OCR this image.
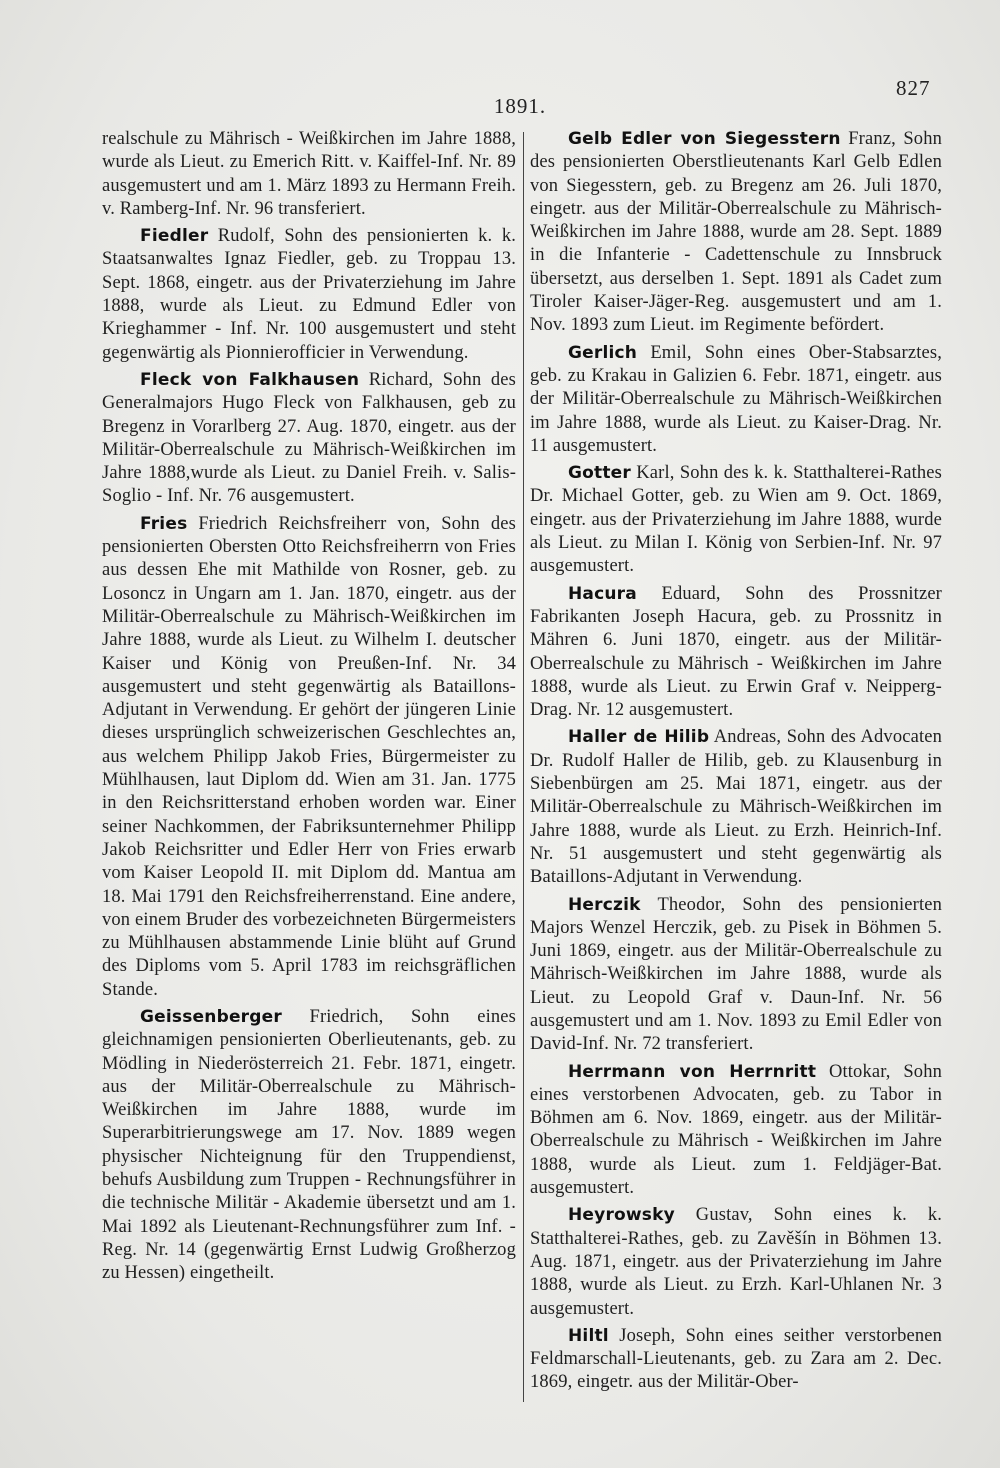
1891.
827

realschule zu Mährisch - Weißkirchen im Jahre 1888, wurde als Lieut. zu Emerich Ritt. v. Kaiffel-Inf. Nr. 89 ausgemustert und am 1. März 1893 zu Hermann Freih. v. Ramberg-Inf. Nr. 96 transferiert.

Fiedler Rudolf, Sohn des pensionierten k. k. Staatsanwaltes Ignaz Fiedler, geb. zu Troppau 13. Sept. 1868, eingetr. aus der Privaterziehung im Jahre 1888, wurde als Lieut. zu Edmund Edler von Krieghammer - Inf. Nr. 100 ausgemustert und steht gegenwärtig als Pionnierofficier in Verwendung.

Fleck von Falkhausen Richard, Sohn des Generalmajors Hugo Fleck von Falkhausen, geb zu Bregenz in Vorarlberg 27. Aug. 1870, eingetr. aus der Militär-Oberrealschule zu Mährisch-Weißkirchen im Jahre 1888,wurde als Lieut. zu Daniel Freih. v. Salis-Soglio - Inf. Nr. 76 ausgemustert.

Fries Friedrich Reichsfreiherr von, Sohn des pensionierten Obersten Otto Reichsfreiherrn von Fries aus dessen Ehe mit Mathilde von Rosner, geb. zu Losoncz in Ungarn am 1. Jan. 1870, eingetr. aus der Militär-Oberrealschule zu Mährisch-Weißkirchen im Jahre 1888, wurde als Lieut. zu Wilhelm I. deutscher Kaiser und König von Preußen-Inf. Nr. 34 ausgemustert und steht gegenwärtig als Bataillons-Adjutant in Verwendung. Er gehört der jüngeren Linie dieses ursprünglich schweizerischen Geschlechtes an, aus welchem Philipp Jakob Fries, Bürgermeister zu Mühlhausen, laut Diplom dd. Wien am 31. Jan. 1775 in den Reichsritterstand erhoben worden war. Einer seiner Nachkommen, der Fabriksunternehmer Philipp Jakob Reichsritter und Edler Herr von Fries erwarb vom Kaiser Leopold II. mit Diplom dd. Mantua am 18. Mai 1791 den Reichsfreiherrenstand. Eine andere, von einem Bruder des vorbezeichneten Bürgermeisters zu Mühlhausen abstammende Linie blüht auf Grund des Diploms vom 5. April 1783 im reichsgräflichen Stande.

Geissenberger Friedrich, Sohn eines gleichnamigen pensionierten Oberlieutenants, geb. zu Mödling in Niederösterreich 21. Febr. 1871, eingetr. aus der Militär-Oberrealschule zu Mährisch-Weißkirchen im Jahre 1888, wurde im Superarbitrierungswege am 17. Nov. 1889 wegen physischer Nichteignung für den Truppendienst, behufs Ausbildung zum Truppen - Rechnungsführer in die technische Militär - Akademie übersetzt und am 1. Mai 1892 als Lieutenant-Rechnungsführer zum Inf. - Reg. Nr. 14 (gegenwärtig Ernst Ludwig Großherzog zu Hessen) eingetheilt.

Gelb Edler von Siegesstern Franz, Sohn des pensionierten Oberstlieutenants Karl Gelb Edlen von Siegesstern, geb. zu Bregenz am 26. Juli 1870, eingetr. aus der Militär-Oberrealschule zu Mährisch-Weißkirchen im Jahre 1888, wurde am 28. Sept. 1889 in die Infanterie - Cadettenschule zu Innsbruck übersetzt, aus derselben 1. Sept. 1891 als Cadet zum Tiroler Kaiser-Jäger-Reg. ausgemustert und am 1. Nov. 1893 zum Lieut. im Regimente befördert.

Gerlich Emil, Sohn eines Ober-Stabsarztes, geb. zu Krakau in Galizien 6. Febr. 1871, eingetr. aus der Militär-Oberrealschule zu Mährisch-Weißkirchen im Jahre 1888, wurde als Lieut. zu Kaiser-Drag. Nr. 11 ausgemustert.

Gotter Karl, Sohn des k. k. Statthalterei-Rathes Dr. Michael Gotter, geb. zu Wien am 9. Oct. 1869, eingetr. aus der Privaterziehung im Jahre 1888, wurde als Lieut. zu Milan I. König von Serbien-Inf. Nr. 97 ausgemustert.

Hacura Eduard, Sohn des Prossnitzer Fabrikanten Joseph Hacura, geb. zu Prossnitz in Mähren 6. Juni 1870, eingetr. aus der Militär-Oberrealschule zu Mährisch - Weißkirchen im Jahre 1888, wurde als Lieut. zu Erwin Graf v. Neipperg-Drag. Nr. 12 ausgemustert.

Haller de Hilib Andreas, Sohn des Advocaten Dr. Rudolf Haller de Hilib, geb. zu Klausenburg in Siebenbürgen am 25. Mai 1871, eingetr. aus der Militär-Oberrealschule zu Mährisch-Weißkirchen im Jahre 1888, wurde als Lieut. zu Erzh. Heinrich-Inf. Nr. 51 ausgemustert und steht gegenwärtig als Bataillons-Adjutant in Verwendung.

Herczik Theodor, Sohn des pensionierten Majors Wenzel Herczik, geb. zu Pisek in Böhmen 5. Juni 1869, eingetr. aus der Militär-Oberrealschule zu Mährisch-Weißkirchen im Jahre 1888, wurde als Lieut. zu Leopold Graf v. Daun-Inf. Nr. 56 ausgemustert und am 1. Nov. 1893 zu Emil Edler von David-Inf. Nr. 72 transferiert.

Herrmann von Herrnritt Ottokar, Sohn eines verstorbenen Advocaten, geb. zu Tabor in Böhmen am 6. Nov. 1869, eingetr. aus der Militär-Oberrealschule zu Mährisch - Weißkirchen im Jahre 1888, wurde als Lieut. zum 1. Feldjäger-Bat. ausgemustert.

Heyrowsky Gustav, Sohn eines k. k. Statthalterei-Rathes, geb. zu Zavěšín in Böhmen 13. Aug. 1871, eingetr. aus der Privaterziehung im Jahre 1888, wurde als Lieut. zu Erzh. Karl-Uhlanen Nr. 3 ausgemustert.

Hiltl Joseph, Sohn eines seither verstorbenen Feldmarschall-Lieutenants, geb. zu Zara am 2. Dec. 1869, eingetr. aus der Militär-Ober-
